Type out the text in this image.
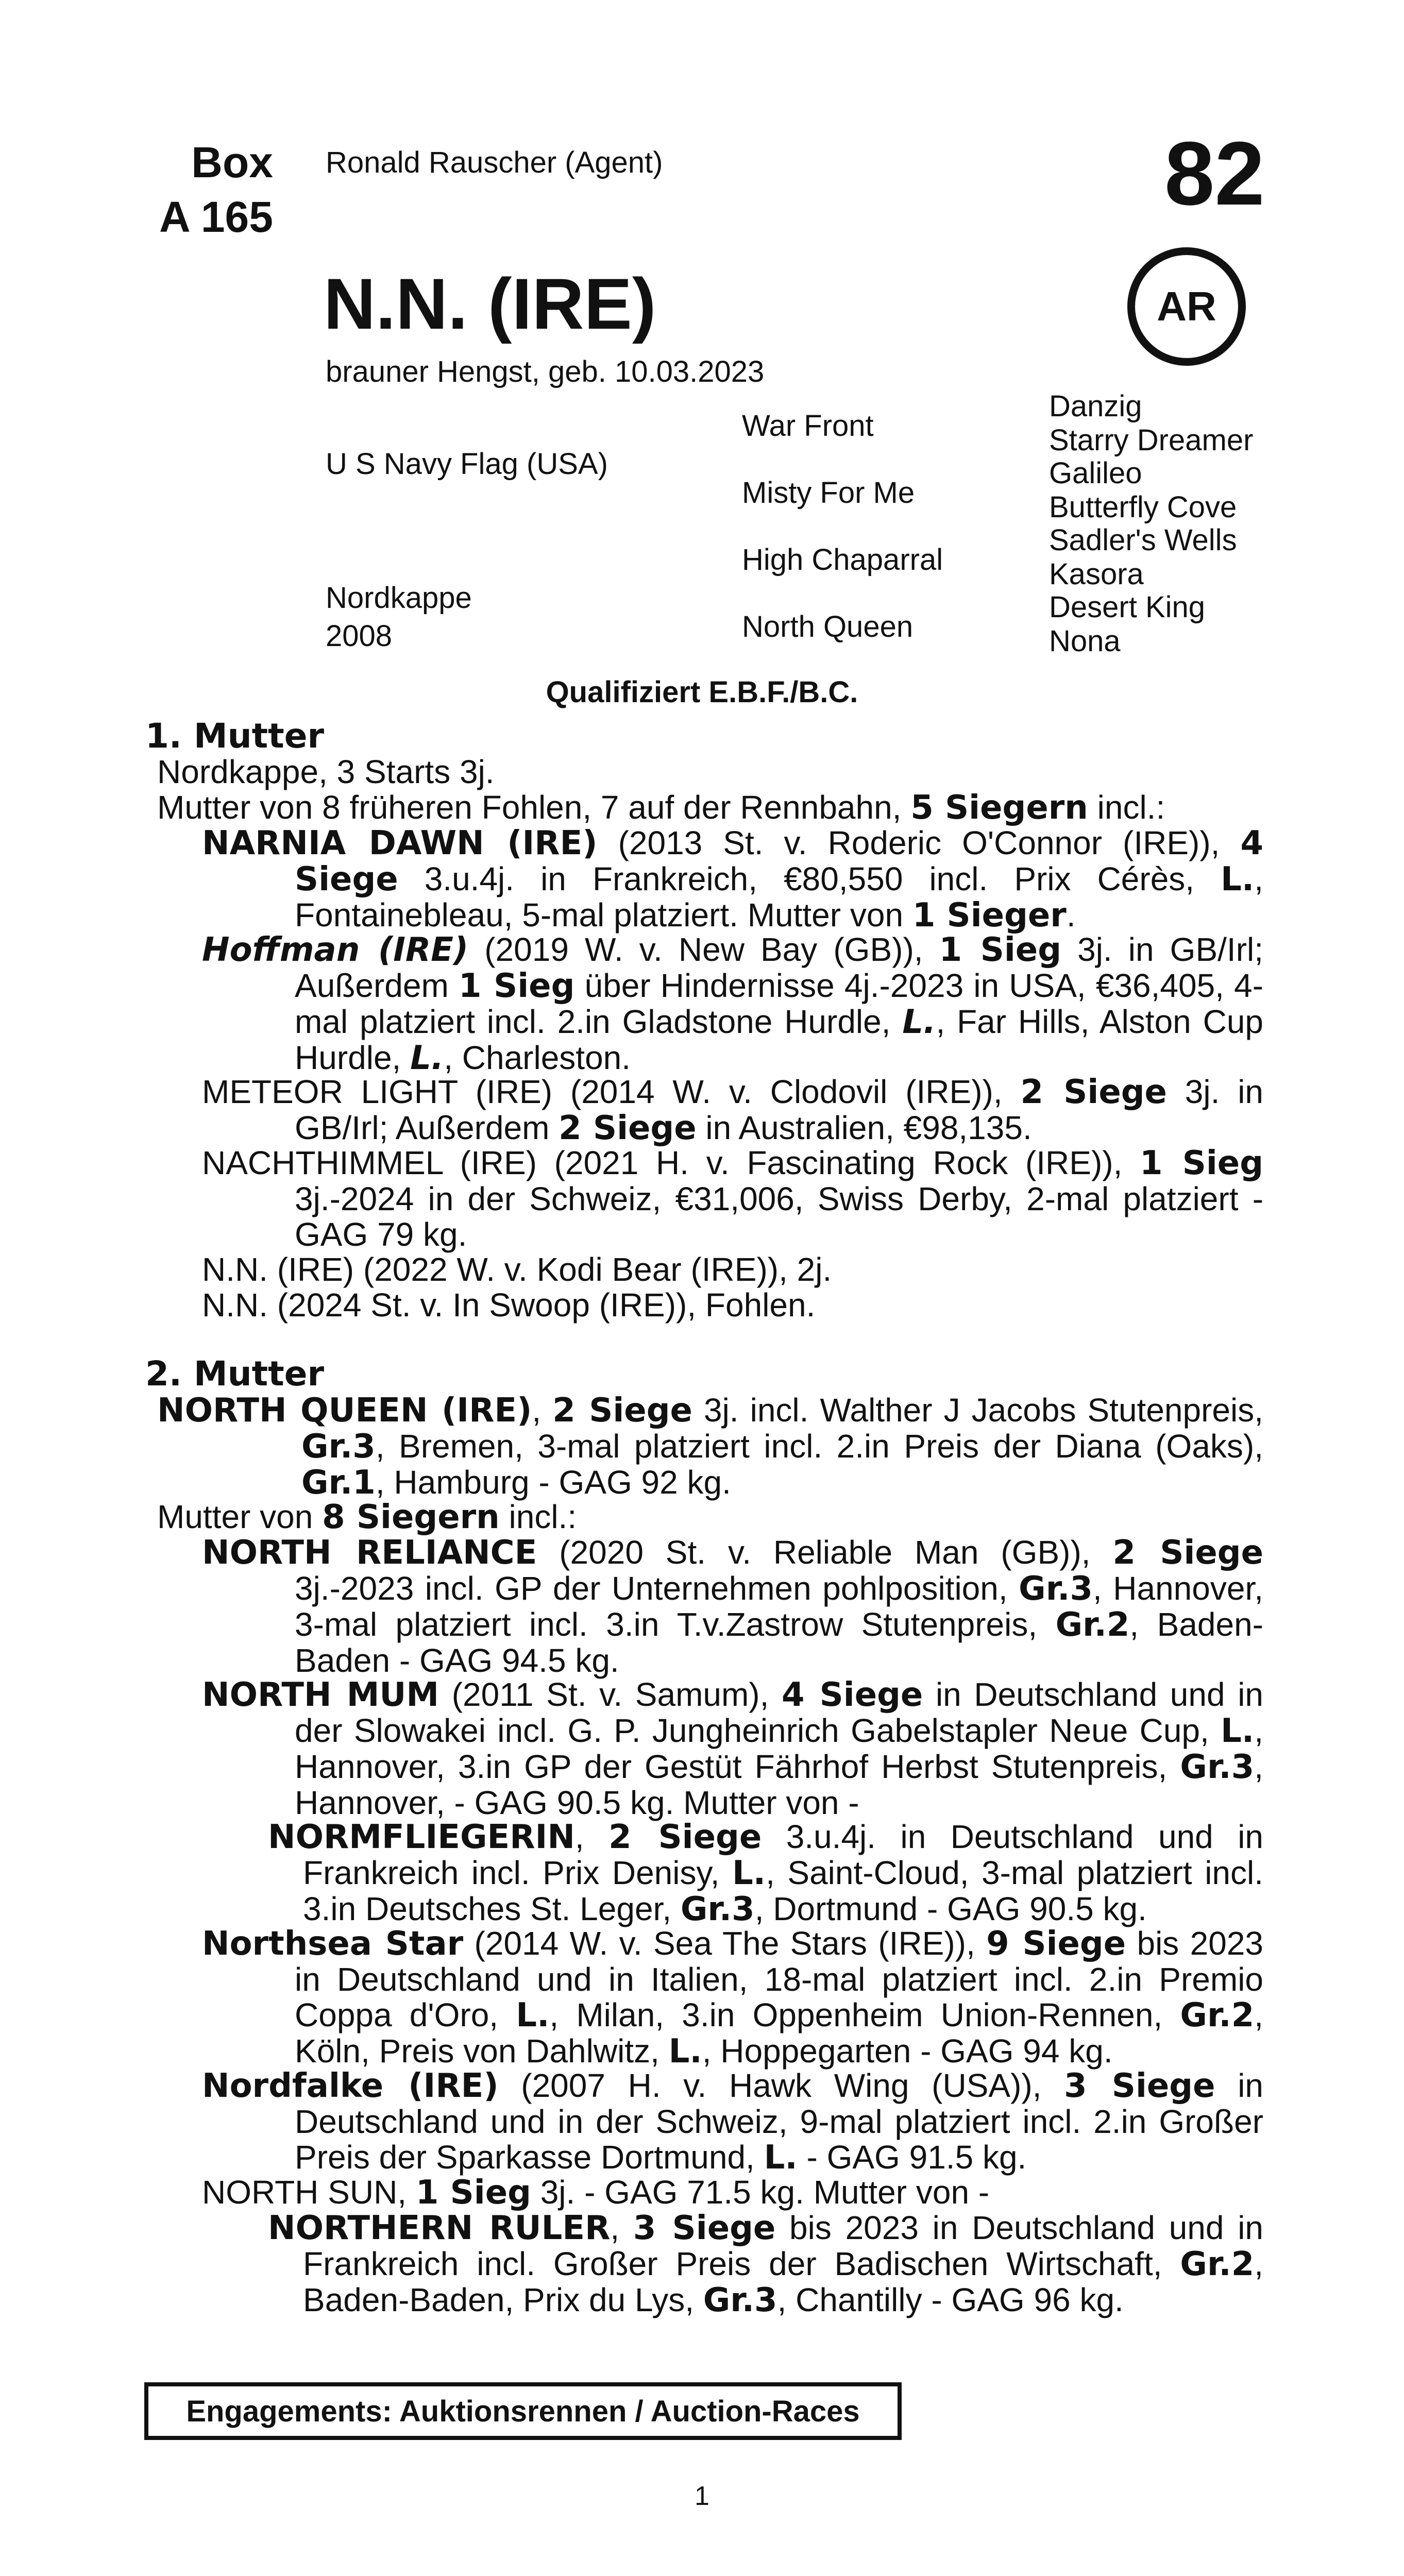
Box
A 165
Ronald Rauscher (Agent)	82
AR
N.N. (IRE)
brauner Hengst, geb. 10.03.2023
U S Navy Flag (USA)
Nordkappe
2008
War Front
Misty For Me
High Chaparral
North Queen
Danzig
Starry Dreamer
Galileo
Butterfly Cove
Sadler's Wells
Kasora
Desert King
Nona
Qualifiziert E.B.F./B.C.
1. Mutter
Nordkappe, 3 Starts 3j.
Mutter von 8 früheren Fohlen, 7 auf der Rennbahn, 5 Siegern incl.:
NARNIA DAWN (IRE) (2013 St. v. Roderic O'Connor (IRE)), 4 Siege 3.u.4j. in Frankreich, €80,550 incl. Prix Cérès, L., Fontainebleau, 5-mal platziert. Mutter von 1 Sieger.
Hoffman (IRE) (2019 W. v. New Bay (GB)), 1 Sieg 3j. in GB/Irl; Außerdem 1 Sieg über Hindernisse 4j.-2023 in USA, €36,405, 4-mal platziert incl. 2.in Gladstone Hurdle, L., Far Hills, Alston Cup Hurdle, L., Charleston.
METEOR LIGHT (IRE) (2014 W. v. Clodovil (IRE)), 2 Siege 3j. in GB/Irl; Außerdem 2 Siege in Australien, €98,135.
NACHTHIMMEL (IRE) (2021 H. v. Fascinating Rock (IRE)), 1 Sieg 3j.-2024 in der Schweiz, €31,006, Swiss Derby, 2-mal platziert - GAG 79 kg.
N.N. (IRE) (2022 W. v. Kodi Bear (IRE)), 2j.
N.N. (2024 St. v. In Swoop (IRE)), Fohlen.
2. Mutter
NORTH QUEEN (IRE), 2 Siege 3j. incl. Walther J Jacobs Stutenpreis, Gr.3, Bremen, 3-mal platziert incl. 2.in Preis der Diana (Oaks), Gr.1, Hamburg - GAG 92 kg.
Mutter von 8 Siegern incl.:
NORTH RELIANCE (2020 St. v. Reliable Man (GB)), 2 Siege 3j.-2023 incl. GP der Unternehmen pohlposition, Gr.3, Hannover, 3-mal platziert incl. 3.in T.v.Zastrow Stutenpreis, Gr.2, Baden-Baden - GAG 94.5 kg.
NORTH MUM (2011 St. v. Samum), 4 Siege in Deutschland und in der Slowakei incl. G. P. Jungheinrich Gabelstapler Neue Cup, L., Hannover, 3.in GP der Gestüt Fährhof Herbst Stutenpreis, Gr.3, Hannover, - GAG 90.5 kg. Mutter von -
NORMFLIEGERIN, 2 Siege 3.u.4j. in Deutschland und in Frankreich incl. Prix Denisy, L., Saint-Cloud, 3-mal platziert incl. 3.in Deutsches St. Leger, Gr.3, Dortmund - GAG 90.5 kg.
Northsea Star (2014 W. v. Sea The Stars (IRE)), 9 Siege bis 2023 in Deutschland und in Italien, 18-mal platziert incl. 2.in Premio Coppa d'Oro, L., Milan, 3.in Oppenheim Union-Rennen, Gr.2, Köln, Preis von Dahlwitz, L., Hoppegarten - GAG 94 kg.
Nordfalke (IRE) (2007 H. v. Hawk Wing (USA)), 3 Siege in Deutschland und in der Schweiz, 9-mal platziert incl. 2.in Großer Preis der Sparkasse Dortmund, L. - GAG 91.5 kg.
NORTH SUN, 1 Sieg 3j. - GAG 71.5 kg. Mutter von -
NORTHERN RULER, 3 Siege bis 2023 in Deutschland und in Frankreich incl. Großer Preis der Badischen Wirtschaft, Gr.2, Baden-Baden, Prix du Lys, Gr.3, Chantilly - GAG 96 kg.
Engagements: Auktionsrennen / Auction-Races
1
